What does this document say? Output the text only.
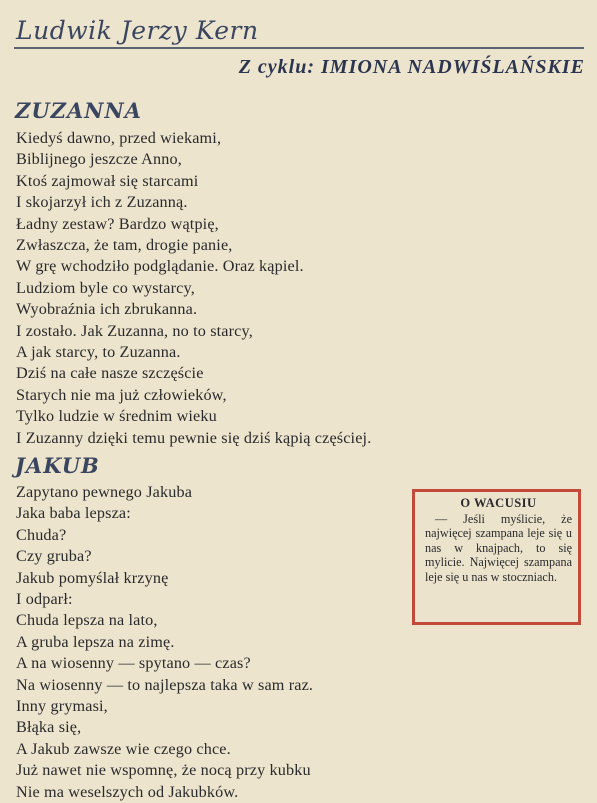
Ludwik Jerzy Kern
Z cyklu: IMIONA NADWIŚLAŃSKIE
ZUZANNA
Kiedyś dawno, przed wiekami,
Biblijnego jeszcze Anno,
Ktoś zajmował się starcami
I skojarzył ich z Zuzanną.
Ładny zestaw? Bardzo wątpię,
Zwłaszcza, że tam, drogie panie,
W grę wchodziło podglądanie. Oraz kąpiel.
Ludziom byle co wystarcy,
Wyobraźnia ich zbrukanna.
I zostało. Jak Zuzanna, no to starcy,
A jak starcy, to Zuzanna.
Dziś na całe nasze szczęście
Starych nie ma już człowieków,
Tylko ludzie w średnim wieku
I Zuzanny dzięki temu pewnie się dziś kąpią częściej.
JAKUB
Zapytano pewnego Jakuba
Jaka baba lepsza:
Chuda?
Czy gruba?
Jakub pomyślał krzynę
I odparł:
Chuda lepsza na lato,
A gruba lepsza na zimę.
A na wiosenny — spytano — czas?
Na wiosenny — to najlepsza taka w sam raz.
Inny grymasi,
Błąka się,
A Jakub zawsze wie czego chce.
Już nawet nie wspomnę, że nocą przy kubku
Nie ma weselszych od Jakubków.
O WACUSIU
— Jeśli myślicie, że najwięcej szampana leje się u nas w knajpach, to się mylicie. Najwięcej szampana leje się u nas w stoczniach.
